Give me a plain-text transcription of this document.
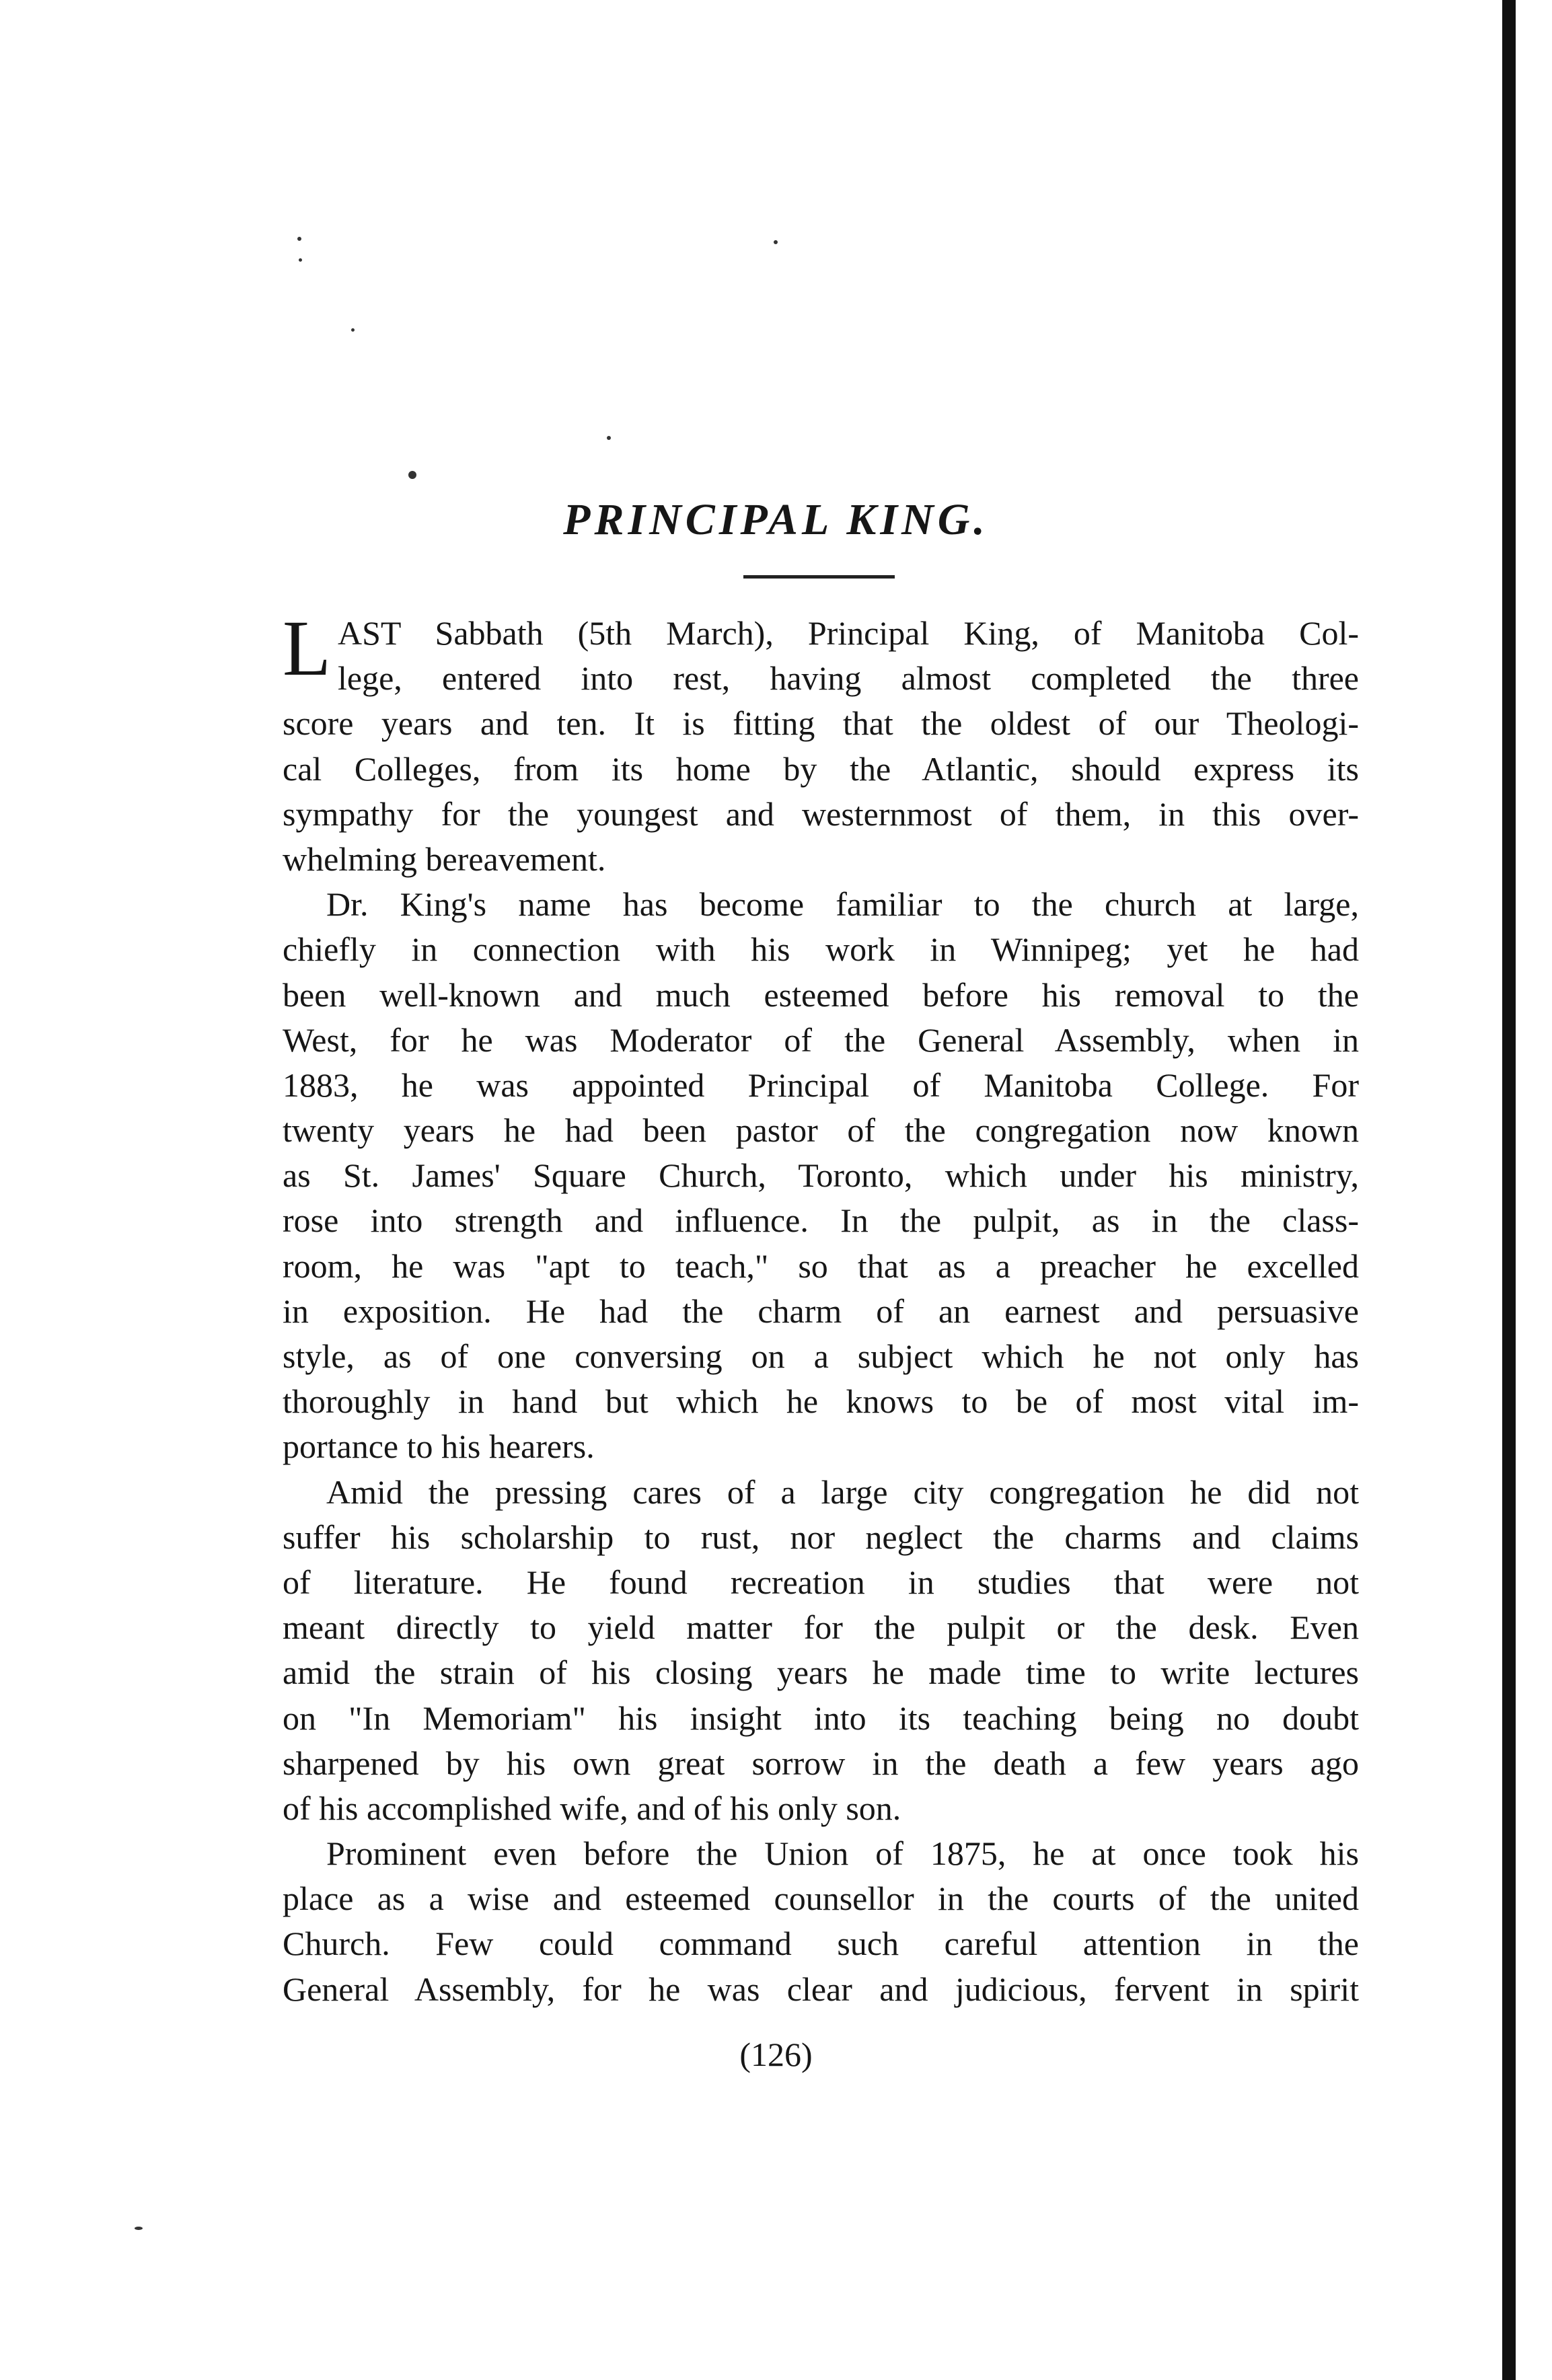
PRINCIPAL KING.
L AST Sabbath (5th March), Principal King, of Manitoba Col-
lege, entered into rest, having almost completed the three
score years and ten. It is fitting that the oldest of our Theologi-
cal Colleges, from its home by the Atlantic, should express its
sympathy for the youngest and westernmost of them, in this over-
whelming bereavement.
Dr. King's name has become familiar to the church at large,
chiefly in connection with his work in Winnipeg; yet he had
been well-known and much esteemed before his removal to the
West, for he was Moderator of the General Assembly, when in
1883, he was appointed Principal of Manitoba College. For
twenty years he had been pastor of the congregation now known
as St. James' Square Church, Toronto, which under his ministry,
rose into strength and influence. In the pulpit, as in the class-
room, he was "apt to teach," so that as a preacher he excelled
in exposition. He had the charm of an earnest and persuasive
style, as of one conversing on a subject which he not only has
thoroughly in hand but which he knows to be of most vital im-
portance to his hearers.
Amid the pressing cares of a large city congregation he did not
suffer his scholarship to rust, nor neglect the charms and claims
of literature. He found recreation in studies that were not
meant directly to yield matter for the pulpit or the desk. Even
amid the strain of his closing years he made time to write lectures
on "In Memoriam" his insight into its teaching being no doubt
sharpened by his own great sorrow in the death a few years ago
of his accomplished wife, and of his only son.
Prominent even before the Union of 1875, he at once took his
place as a wise and esteemed counsellor in the courts of the united
Church. Few could command such careful attention in the
General Assembly, for he was clear and judicious, fervent in spirit
(126)
